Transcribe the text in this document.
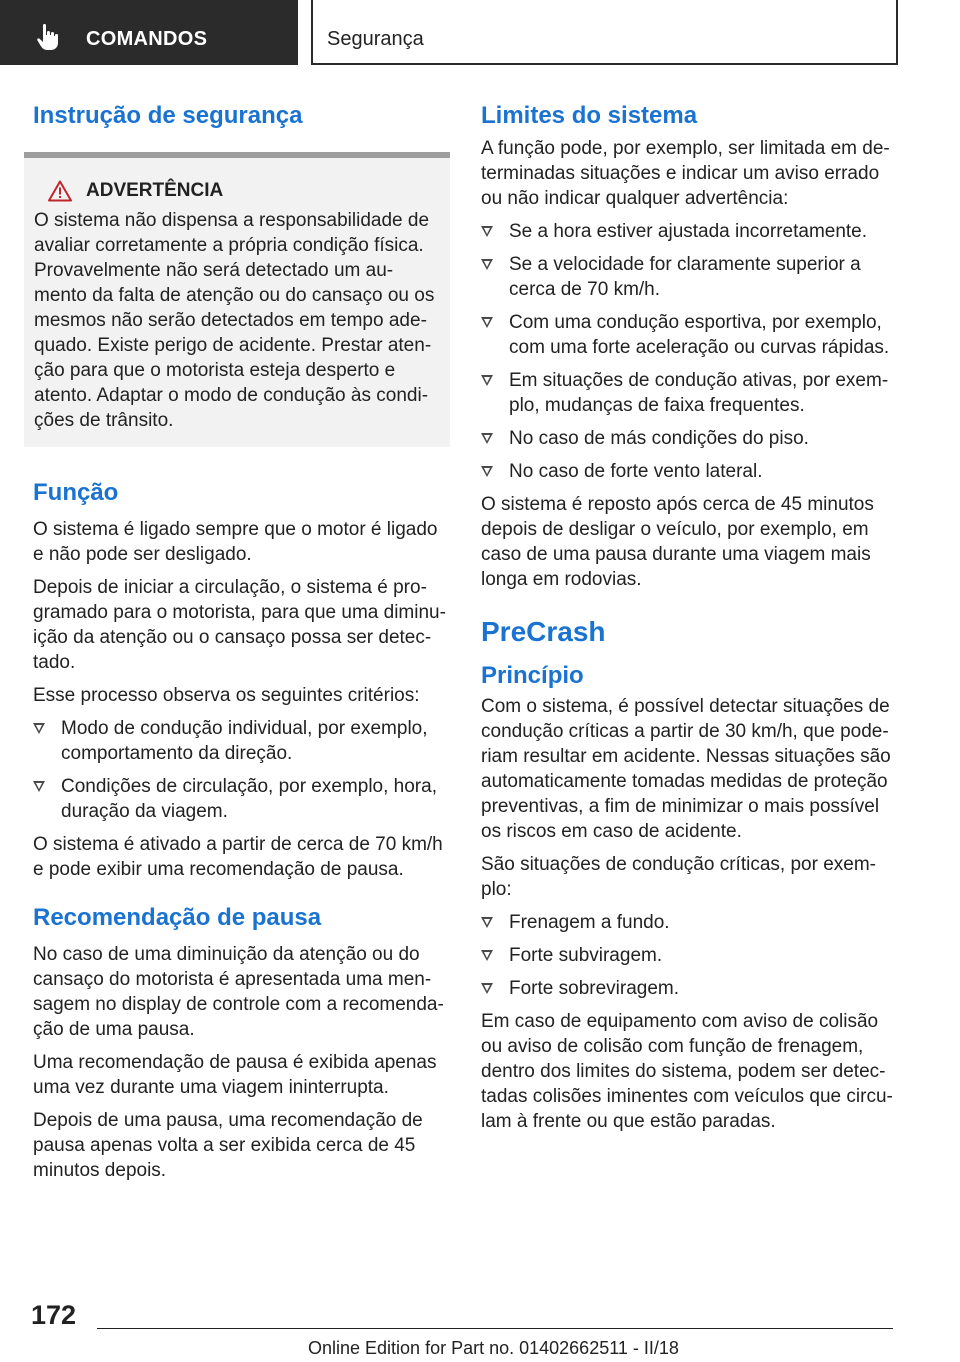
COMANDOS	Segurança
Instrução de segurança
ADVERTÊNCIA

O sistema não dispensa a responsabilidade de avaliar corretamente a própria condição física. Provavelmente não será detectado um aumento da falta de atenção ou do cansaço ou os mesmos não serão detectados em tempo adequado. Existe perigo de acidente. Prestar atenção para que o motorista esteja desperto e atento. Adaptar o modo de condução às condições de trânsito.

Função

O sistema é ligado sempre que o motor é ligado e não pode ser desligado.

Depois de iniciar a circulação, o sistema é programado para o motorista, para que uma diminuição da atenção ou o cansaço possa ser detectado.

Esse processo observa os seguintes critérios:

Modo de condução individual, por exemplo, comportamento da direção.
Condições de circulação, por exemplo, hora, duração da viagem.

O sistema é ativado a partir de cerca de 70 km/h e pode exibir uma recomendação de pausa.

Recomendação de pausa

No caso de uma diminuição da atenção ou do cansaço do motorista é apresentada uma mensagem no display de controle com a recomendação de uma pausa.

Uma recomendação de pausa é exibida apenas uma vez durante uma viagem ininterrupta.

Depois de uma pausa, uma recomendação de pausa apenas volta a ser exibida cerca de 45 minutos depois.

Limites do sistema

A função pode, por exemplo, ser limitada em determinadas situações e indicar um aviso errado ou não indicar qualquer advertência:

Se a hora estiver ajustada incorretamente.
Se a velocidade for claramente superior a cerca de 70 km/h.
Com uma condução esportiva, por exemplo, com uma forte aceleração ou curvas rápidas.
Em situações de condução ativas, por exemplo, mudanças de faixa frequentes.
No caso de más condições do piso.
No caso de forte vento lateral.

O sistema é reposto após cerca de 45 minutos depois de desligar o veículo, por exemplo, em caso de uma pausa durante uma viagem mais longa em rodovias.

PreCrash
Princípio

Com o sistema, é possível detectar situações de condução críticas a partir de 30 km/h, que poderiam resultar em acidente. Nessas situações são automaticamente tomadas medidas de proteção preventivas, a fim de minimizar o mais possível os riscos em caso de acidente.

São situações de condução críticas, por exemplo:

Frenagem a fundo.
Forte subviragem.
Forte sobreviragem.

Em caso de equipamento com aviso de colisão ou aviso de colisão com função de frenagem, dentro dos limites do sistema, podem ser detectadas colisões iminentes com veículos que circulam à frente ou que estão paradas.

172
Online Edition for Part no. 01402662511 - II/18
